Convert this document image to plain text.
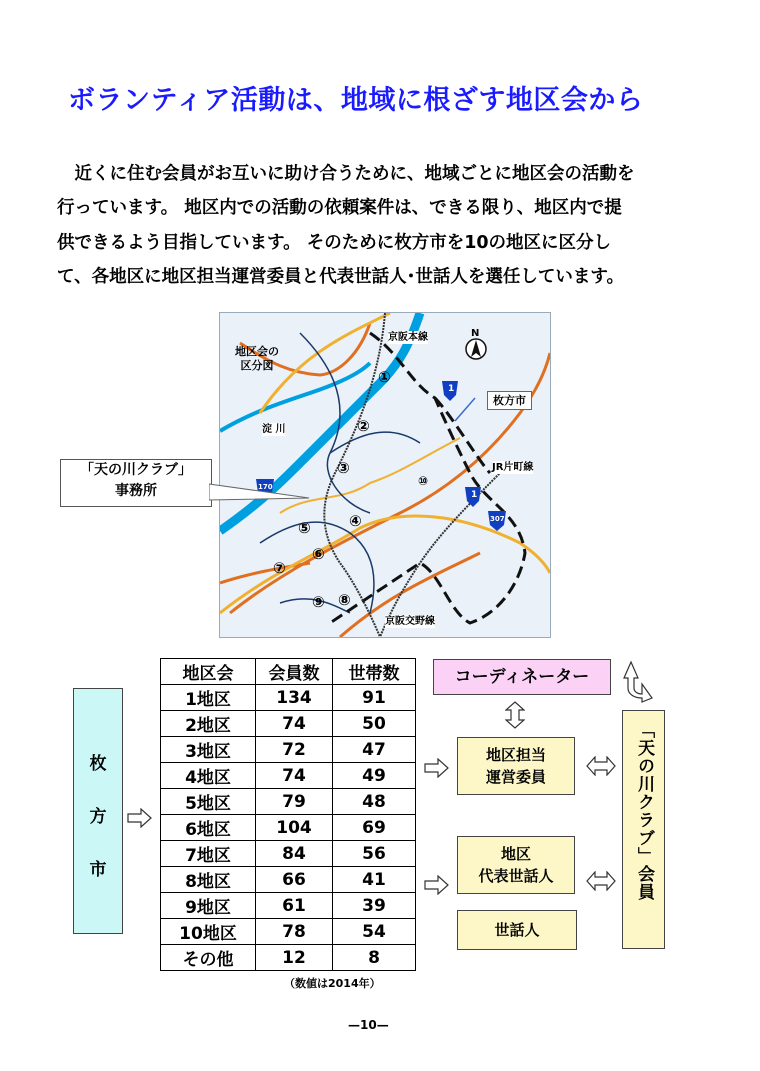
ボランティア活動は、地域に根ざす地区会から

　近くに住む会員がお互いに助け合うために、地域ごとに地区会の活動を

行っています。 地区内での活動の依頼案件は、できる限り、地区内で提

供できるよう目指しています。 そのために枚方市を10の地区に区分し

て、各地区に地区担当運営委員と代表世話人･世話人を選任しています。

地区会の
区分図
京阪本線
枚方市
淀 川
JR片町線
京阪交野線
N
1
1
307
170
①
②
③
④
⑤
⑥
⑦
⑧
⑨
⑩
「天の川クラブ」
事務所
地区会	会員数	世帯数
1地区	134	91
2地区	74	50
3地区	72	47
4地区	74	49
5地区	79	48
6地区	104	69
7地区	84	56
8地区	66	41
9地区	61	39
10地区	78	54
その他	12	8
（数値は2014年）
枚
方
市
コーディネーター
地区担当
運営委員
地区
代表世話人
世話人
「天の川クラブ」会員
—10—
